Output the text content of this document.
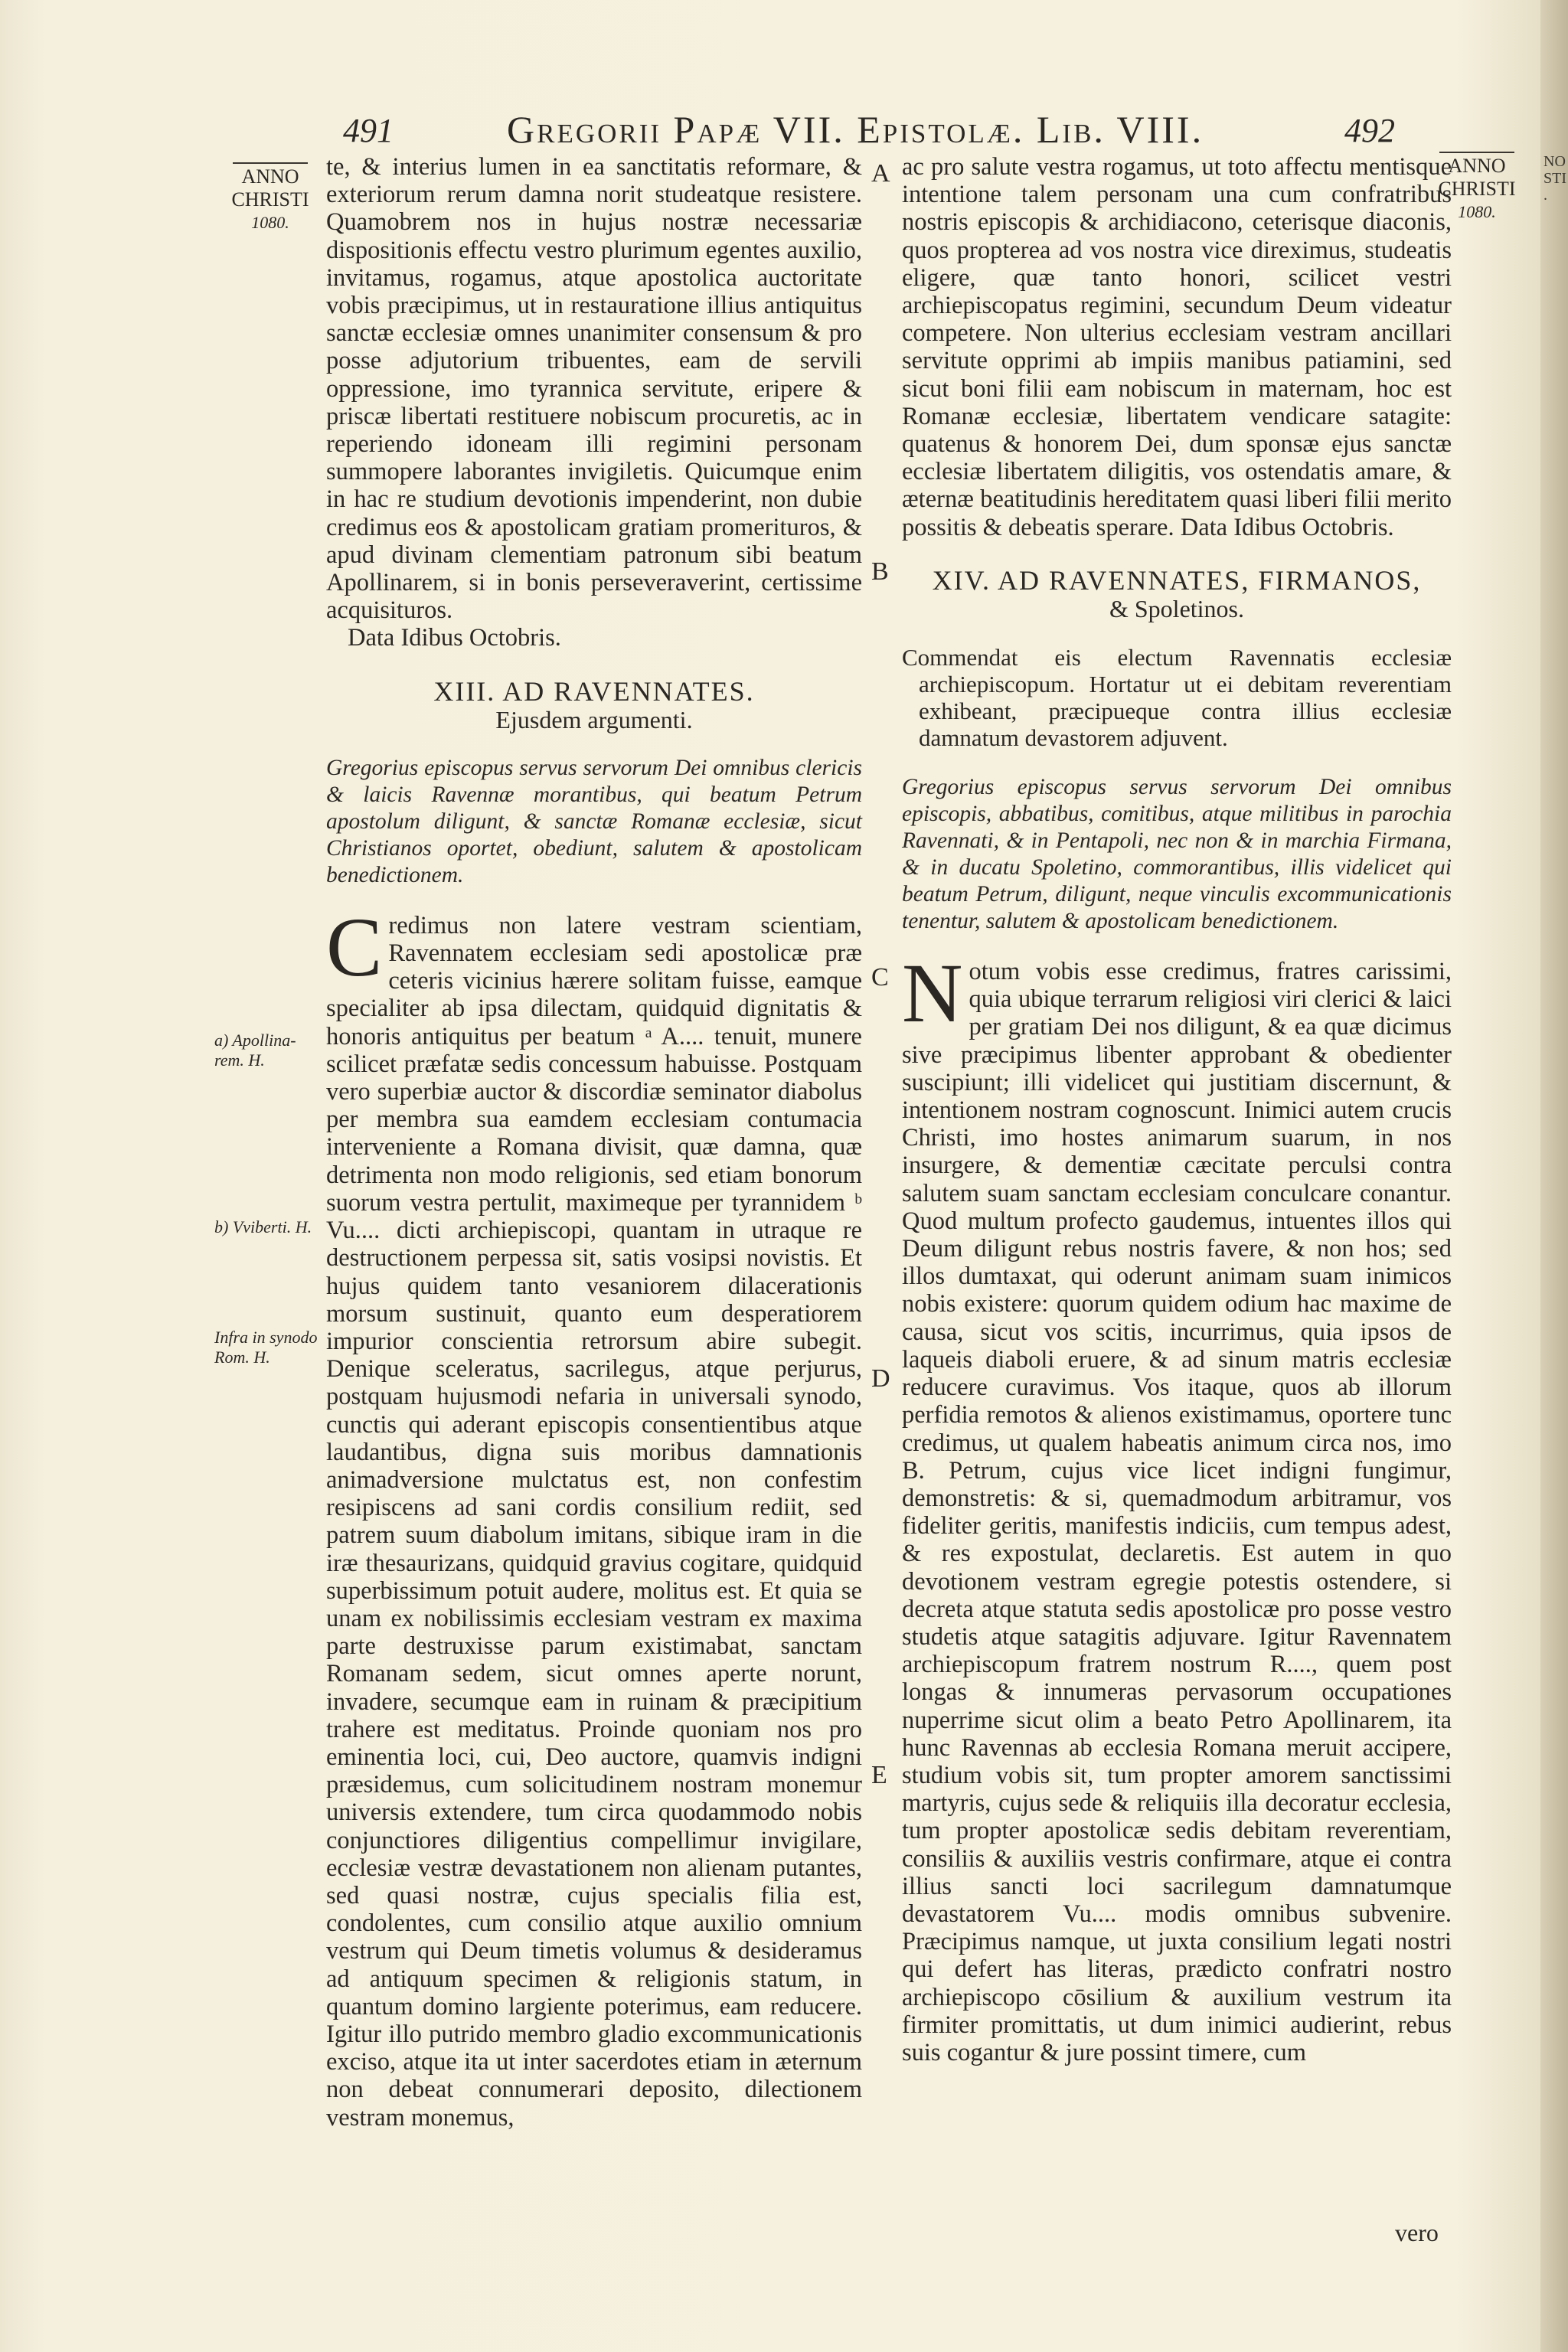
NO
STI
.
491	Gregorii Papæ VII. Epistolæ. Lib. VIII.	492
ANNO
CHRISTI
1080.
ANNO
CHRISTI
1080.
a) Apollina-rem. H.
b) Vviberti. H.
Infra in synodo Rom. H.
A
B
C
D
E

te, & interius lumen in ea sanctitatis reformare, & exteriorum rerum damna norit studeatque resistere. Quamobrem nos in hujus nostræ necessariæ dispositionis effectu vestro plurimum egentes auxilio, invitamus, rogamus, atque apostolica auctoritate vobis præcipimus, ut in restauratione illius antiquitus sanctæ ecclesiæ omnes unanimiter consensum & pro posse adjutorium tribuentes, eam de servili oppressione, imo tyrannica servitute, eripere & priscæ libertati restituere nobiscum procuretis, ac in reperiendo idoneam illi regimini personam summopere laborantes invigiletis. Quicumque enim in hac re studium devotionis impenderint, non dubie credimus eos & apostolicam gratiam promerituros, & apud divinam clementiam patronum sibi beatum Apollinarem, si in bonis perseveraverint, certissime acquisituros.

Data Idibus Octobris.

XIII. AD RAVENNATES.

Ejusdem argumenti.

Gregorius episcopus servus servorum Dei omnibus clericis & laicis Ravennæ morantibus, qui beatum Petrum apostolum diligunt, & sanctæ Romanæ ecclesiæ, sicut Christianos oportet, obediunt, salutem & apostolicam benedictionem.

Credimus non latere vestram scientiam, Ravennatem ecclesiam sedi apostolicæ præ ceteris vicinius hærere solitam fuisse, eamque specialiter ab ipsa dilectam, quidquid dignitatis & honoris antiquitus per beatum ᵃ A.... tenuit, munere scilicet præfatæ sedis concessum habuisse. Postquam vero superbiæ auctor & discordiæ seminator diabolus per membra sua eamdem ecclesiam contumacia interveniente a Romana divisit, quæ damna, quæ detrimenta non modo religionis, sed etiam bonorum suorum vestra pertulit, maximeque per tyrannidem ᵇ Vu.... dicti archiepiscopi, quantam in utraque re destructionem perpessa sit, satis vosipsi novistis. Et hujus quidem tanto vesaniorem dilacerationis morsum sustinuit, quanto eum desperatiorem impurior conscientia retrorsum abire subegit. Denique sceleratus, sacrilegus, atque perjurus, postquam hujusmodi nefaria in universali synodo, cunctis qui aderant episcopis consentientibus atque laudantibus, digna suis moribus damnationis animadversione mulctatus est, non confestim resipiscens ad sani cordis consilium rediit, sed patrem suum diabolum imitans, sibique iram in die iræ thesaurizans, quidquid gravius cogitare, quidquid superbissimum potuit audere, molitus est. Et quia se unam ex nobilissimis ecclesiam vestram ex maxima parte destruxisse parum existimabat, sanctam Romanam sedem, sicut omnes aperte norunt, invadere, secumque eam in ruinam & præcipitium trahere est meditatus. Proinde quoniam nos pro eminentia loci, cui, Deo auctore, quamvis indigni præsidemus, cum solicitudinem nostram monemur universis extendere, tum circa quodammodo nobis conjunctiores diligentius compellimur invigilare, ecclesiæ vestræ devastationem non alienam putantes, sed quasi nostræ, cujus specialis filia est, condolentes, cum consilio atque auxilio omnium vestrum qui Deum timetis volumus & desideramus ad antiquum specimen & religionis statum, in quantum domino largiente poterimus, eam reducere. Igitur illo putrido membro gladio excommunicationis exciso, atque ita ut inter sacerdotes etiam in æternum non debeat connumerari deposito, dilectionem vestram monemus,

ac pro salute vestra rogamus, ut toto affectu mentisque intentione talem personam una cum confratribus nostris episcopis & archidiacono, ceterisque diaconis, quos propterea ad vos nostra vice direximus, studeatis eligere, quæ tanto honori, scilicet vestri archiepiscopatus regimini, secundum Deum videatur competere. Non ulterius ecclesiam vestram ancillari servitute opprimi ab impiis manibus patiamini, sed sicut boni filii eam nobiscum in maternam, hoc est Romanæ ecclesiæ, libertatem vendicare satagite: quatenus & honorem Dei, dum sponsæ ejus sanctæ ecclesiæ libertatem diligitis, vos ostendatis amare, & æternæ beatitudinis hereditatem quasi liberi filii merito possitis & debeatis sperare. Data Idibus Octobris.

XIV. AD RAVENNATES, FIRMANOS,

& Spoletinos.

Commendat eis electum Ravennatis ecclesiæ archiepiscopum. Hortatur ut ei debitam reverentiam exhibeant, præcipueque contra illius ecclesiæ damnatum devastorem adjuvent.

Gregorius episcopus servus servorum Dei omnibus episcopis, abbatibus, comitibus, atque militibus in parochia Ravennati, & in Pentapoli, nec non & in marchia Firmana, & in ducatu Spoletino, commorantibus, illis videlicet qui beatum Petrum, diligunt, neque vinculis excommunicationis tenentur, salutem & apostolicam benedictionem.

Notum vobis esse credimus, fratres carissimi, quia ubique terrarum religiosi viri clerici & laici per gratiam Dei nos diligunt, & ea quæ dicimus sive præcipimus libenter approbant & obedienter suscipiunt; illi videlicet qui justitiam discernunt, & intentionem nostram cognoscunt. Inimici autem crucis Christi, imo hostes animarum suarum, in nos insurgere, & dementiæ cæcitate perculsi contra salutem suam sanctam ecclesiam conculcare conantur. Quod multum profecto gaudemus, intuentes illos qui Deum diligunt rebus nostris favere, & non hos; sed illos dumtaxat, qui oderunt animam suam inimicos nobis existere: quorum quidem odium hac maxime de causa, sicut vos scitis, incurrimus, quia ipsos de laqueis diaboli eruere, & ad sinum matris ecclesiæ reducere curavimus. Vos itaque, quos ab illorum perfidia remotos & alienos existimamus, oportere tunc credimus, ut qualem habeatis animum circa nos, imo B. Petrum, cujus vice licet indigni fungimur, demonstretis: & si, quemadmodum arbitramur, vos fideliter geritis, manifestis indiciis, cum tempus adest, & res expostulat, declaretis. Est autem in quo devotionem vestram egregie potestis ostendere, si decreta atque statuta sedis apostolicæ pro posse vestro studetis atque satagitis adjuvare. Igitur Ravennatem archiepiscopum fratrem nostrum R...., quem post longas & innumeras pervasorum occupationes nuperrime sicut olim a beato Petro Apollinarem, ita hunc Ravennas ab ecclesia Romana meruit accipere, studium vobis sit, tum propter amorem sanctissimi martyris, cujus sede & reliquiis illa decoratur ecclesia, tum propter apostolicæ sedis debitam reverentiam, consiliis & auxiliis vestris confirmare, atque ei contra illius sancti loci sacrilegum damnatumque devastatorem Vu.... modis omnibus subvenire. Præcipimus namque, ut juxta consilium legati nostri qui defert has literas, prædicto confratri nostro archiepiscopo cōsilium & auxilium vestrum ita firmiter promittatis, ut dum inimici audierint, rebus suis cogantur & jure possint timere, cum

vero
